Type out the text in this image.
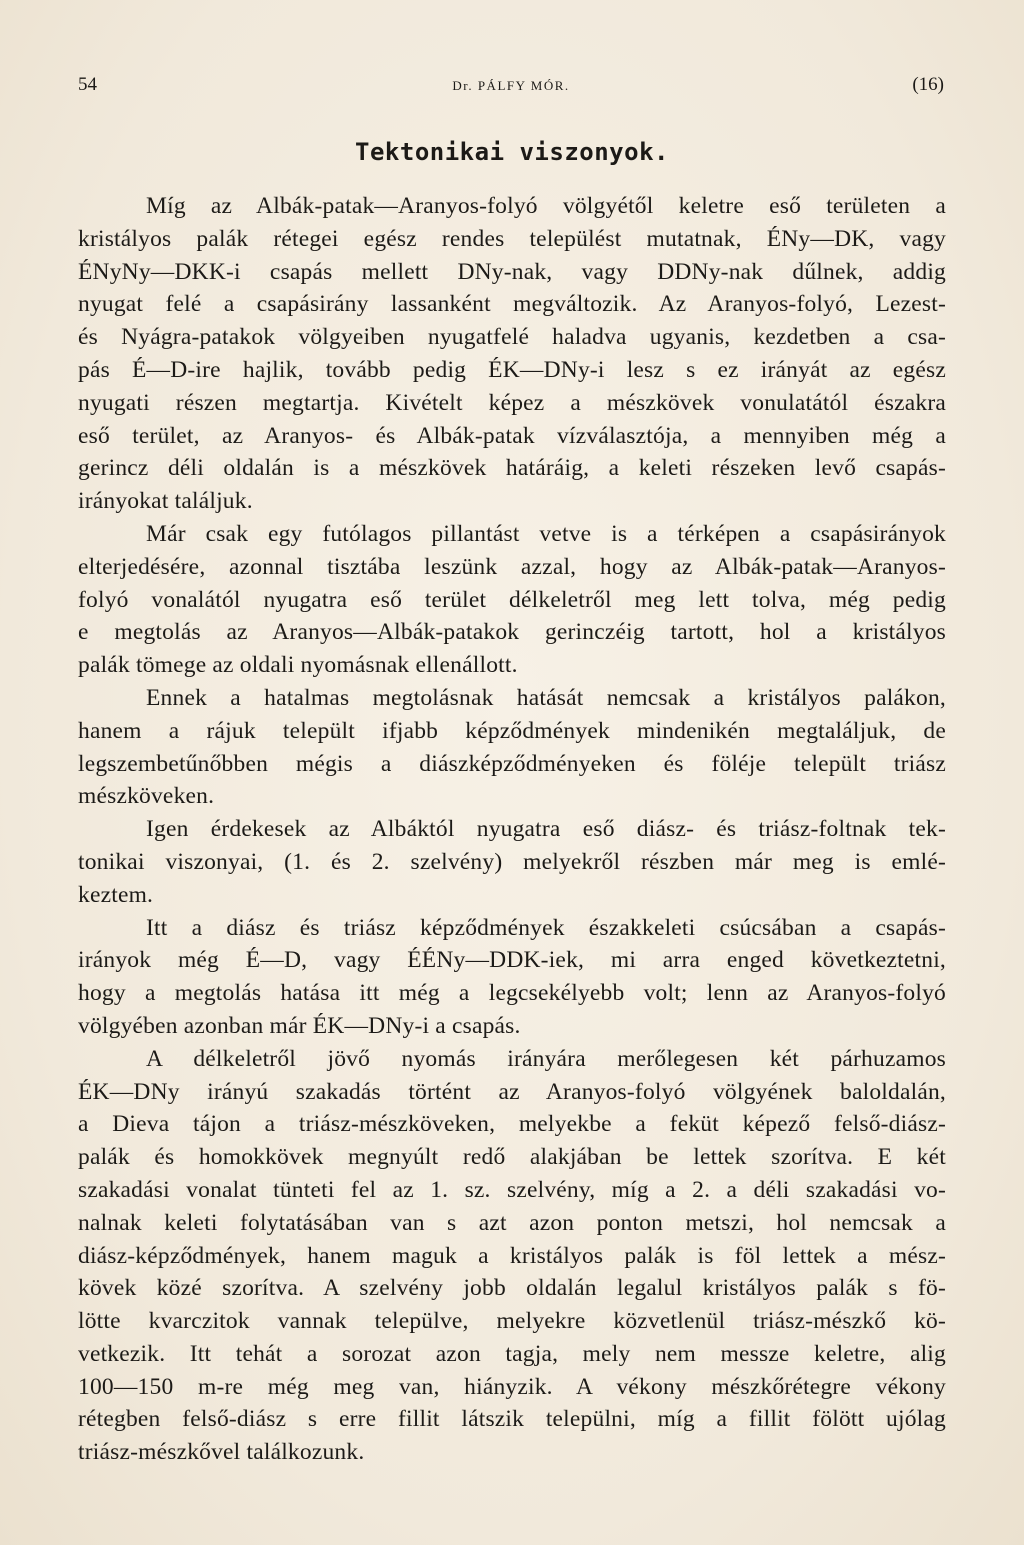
54	Dr. PÁLFY MÓR.	(16)
Tektonikai viszonyok.
Míg az Albák-patak—Aranyos-folyó völgyétől keletre eső területen a
kristályos palák rétegei egész rendes települést mutatnak, ÉNy—DK, vagy
ÉNyNy—DKK-i csapás mellett DNy-nak, vagy DDNy-nak dűlnek, addig
nyugat felé a csapásirány lassanként megváltozik. Az Aranyos-folyó, Lezest-
és Nyágra-patakok völgyeiben nyugatfelé haladva ugyanis, kezdetben a csa-
pás É—D-ire hajlik, tovább pedig ÉK—DNy-i lesz s ez irányát az egész
nyugati részen megtartja. Kivételt képez a mészkövek vonulatától északra
eső terület, az Aranyos- és Albák-patak vízválasztója, a mennyiben még a
gerincz déli oldalán is a mészkövek határáig, a keleti részeken levő csapás-
irányokat találjuk.
Már csak egy futólagos pillantást vetve is a térképen a csapásirányok
elterjedésére, azonnal tisztába leszünk azzal, hogy az Albák-patak—Aranyos-
folyó vonalától nyugatra eső terület délkeletről meg lett tolva, még pedig
e megtolás az Aranyos—Albák-patakok gerinczéig tartott, hol a kristályos
palák tömege az oldali nyomásnak ellenállott.
Ennek a hatalmas megtolásnak hatását nemcsak a kristályos palákon,
hanem a rájuk települt ifjabb képződmények mindenikén megtaláljuk, de
legszembetűnőbben mégis a diászképződményeken és föléje települt triász
mészköveken.
Igen érdekesek az Albáktól nyugatra eső diász- és triász-foltnak tek-
tonikai viszonyai, (1. és 2. szelvény) melyekről részben már meg is emlé-
keztem.
Itt a diász és triász képződmények északkeleti csúcsában a csapás-
irányok még É—D, vagy ÉÉNy—DDK-iek, mi arra enged következtetni,
hogy a megtolás hatása itt még a legcsekélyebb volt; lenn az Aranyos-folyó
völgyében azonban már ÉK—DNy-i a csapás.
A délkeletről jövő nyomás irányára merőlegesen két párhuzamos
ÉK—DNy irányú szakadás történt az Aranyos-folyó völgyének baloldalán,
a Dieva tájon a triász-mészköveken, melyekbe a feküt képező felső-diász-
palák és homokkövek megnyúlt redő alakjában be lettek szorítva. E két
szakadási vonalat tünteti fel az 1. sz. szelvény, míg a 2. a déli szakadási vo-
nalnak keleti folytatásában van s azt azon ponton metszi, hol nemcsak a
diász-képződmények, hanem maguk a kristályos palák is föl lettek a mész-
kövek közé szorítva. A szelvény jobb oldalán legalul kristályos palák s fö-
lötte kvarczitok vannak települve, melyekre közvetlenül triász-mészkő kö-
vetkezik. Itt tehát a sorozat azon tagja, mely nem messze keletre, alig
100—150 m-re még meg van, hiányzik. A vékony mészkőrétegre vékony
rétegben felső-diász s erre fillit látszik települni, míg a fillit fölött ujólag
triász-mészkővel találkozunk.
